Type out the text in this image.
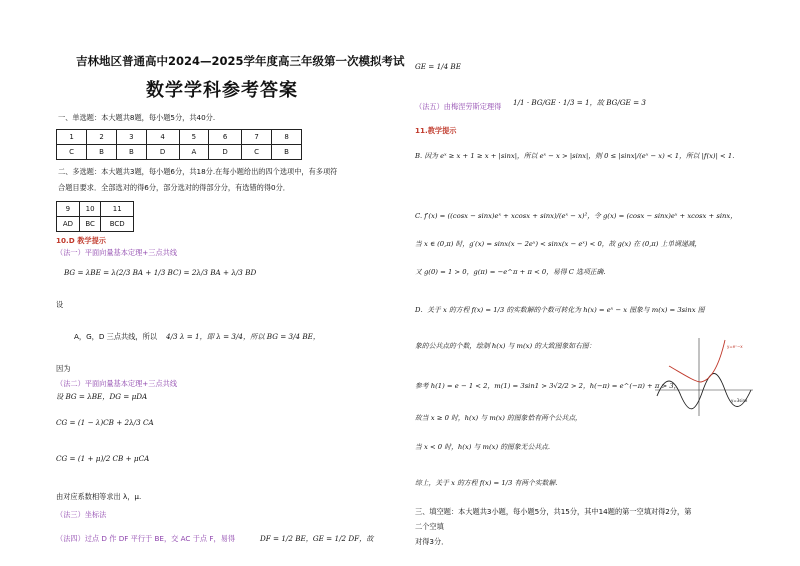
吉林地区普通高中2024—2025学年度高三年级第一次模拟考试
数学学科参考答案
一、单选题：本大题共8题，每小题5分，共40分.
1	2	3	4	5	6	7	8
C	B	B	D	A	D	C	B
二、多选题：本大题共3题，每小题6分，共18分.在每小题给出的四个选项中，有多项符
合题目要求．全部选对的得6分，部分选对的得部分分，有选错的得0分．
9	10	11
AD	BC	BCD
10.D 教学提示
（法一）平面向量基本定理+三点共线
BG = λBE = λ(2/3 BA + 1/3 BC) = 2λ/3 BA + λ/3 BD
设
A，G，D 三点共线，所以 4/3 λ = 1，即 λ = 3/4，所以 BG = 3/4 BE，
因为
（法二）平面向量基本定理+三点共线
设 BG = λBE，DG = μDA
CG = (1 − λ)CB + 2λ/3 CA
CG = (1 + μ)/2 CB + μCA
由对应系数相等求出 λ，μ.
（法三）坐标法
（法四）过点 D 作 DF 平行于 BE，交 AC 于点 F，易得	DF = 1/2 BE，GE = 1/2 DF，故
GE = 1/4 BE
1/1 · BG/GE · 1/3 = 1，故 BG/GE = 3
（法五）由梅涅劳斯定理得
11.教学提示
B. 因为 eˣ ≥ x + 1 ≥ x + |sinx|，所以 eˣ − x > |sinx|，则 0 ≤ |sinx|/(eˣ − x) < 1，所以 |f(x)| < 1.
C. f′(x) = ((cosx − sinx)eˣ + xcosx + sinx)/(eˣ − x)²，令 g(x) = (cosx − sinx)eˣ + xcosx + sinx，
当 x ∈ (0,π) 时，g′(x) = sinx(x − 2eˣ) < sinx(x − eˣ) < 0，故 g(x) 在 (0,π) 上单调递减，
又 g(0) = 1 > 0，g(π) = −e^π + π < 0，易得 C 选项正确．
D．关于 x 的方程 f(x) = 1/3 的实数解的个数可转化为 h(x) = eˣ − x 图象与 m(x) = 3sinx 图
象的公共点的个数，绘制 h(x) 与 m(x) 的大致图象如右图：	y=eˣ−x
y=3sinx
参考 h(1) = e − 1 < 2，m(1) = 3sin1 > 3√2/2 > 2，h(−π) = e^(−π) + π > 3，
故当 x ≥ 0 时，h(x) 与 m(x) 的图象恰有两个公共点，
当 x < 0 时，h(x) 与 m(x) 的图象无公共点.
综上，关于 x 的方程 f(x) = 1/3 有两个实数解.
三、填空题：本大题共3小题，每小题5分，共15分，其中14题的第一空填对得2分，第
二个空填
对得3分．
